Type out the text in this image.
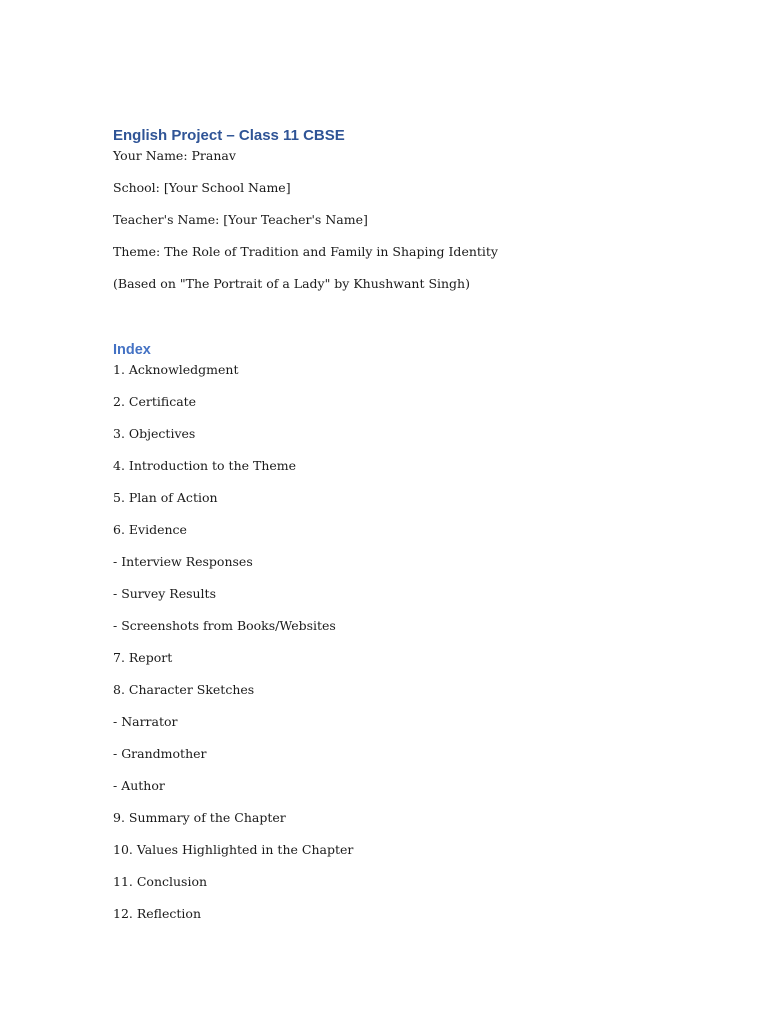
English Project – Class 11 CBSE

Your Name: Pranav

School: [Your School Name]

Teacher's Name: [Your Teacher's Name]

Theme: The Role of Tradition and Family in Shaping Identity

(Based on "The Portrait of a Lady" by Khushwant Singh)

Index
1. Acknowledgment
2. Certificate
3. Objectives
4. Introduction to the Theme
5. Plan of Action
6. Evidence
- Interview Responses
- Survey Results
- Screenshots from Books/Websites
7. Report
8. Character Sketches
- Narrator
- Grandmother
- Author
9. Summary of the Chapter
10. Values Highlighted in the Chapter
11. Conclusion
12. Reflection
